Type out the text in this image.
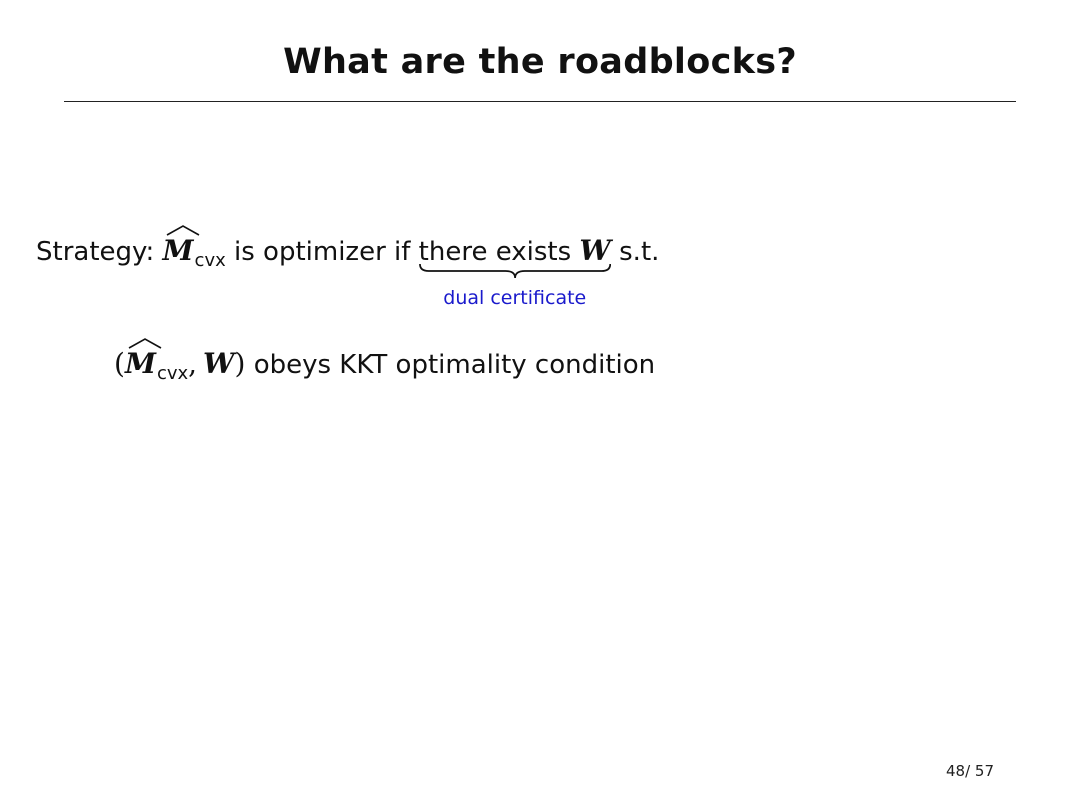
What are the roadblocks?
Strategy: $M_{cvx}$ is optimizer if there exists W
dual certificate
s.t.
(
$M_{cvx}$, W) obeys KKT optimality condition
48/ 57
